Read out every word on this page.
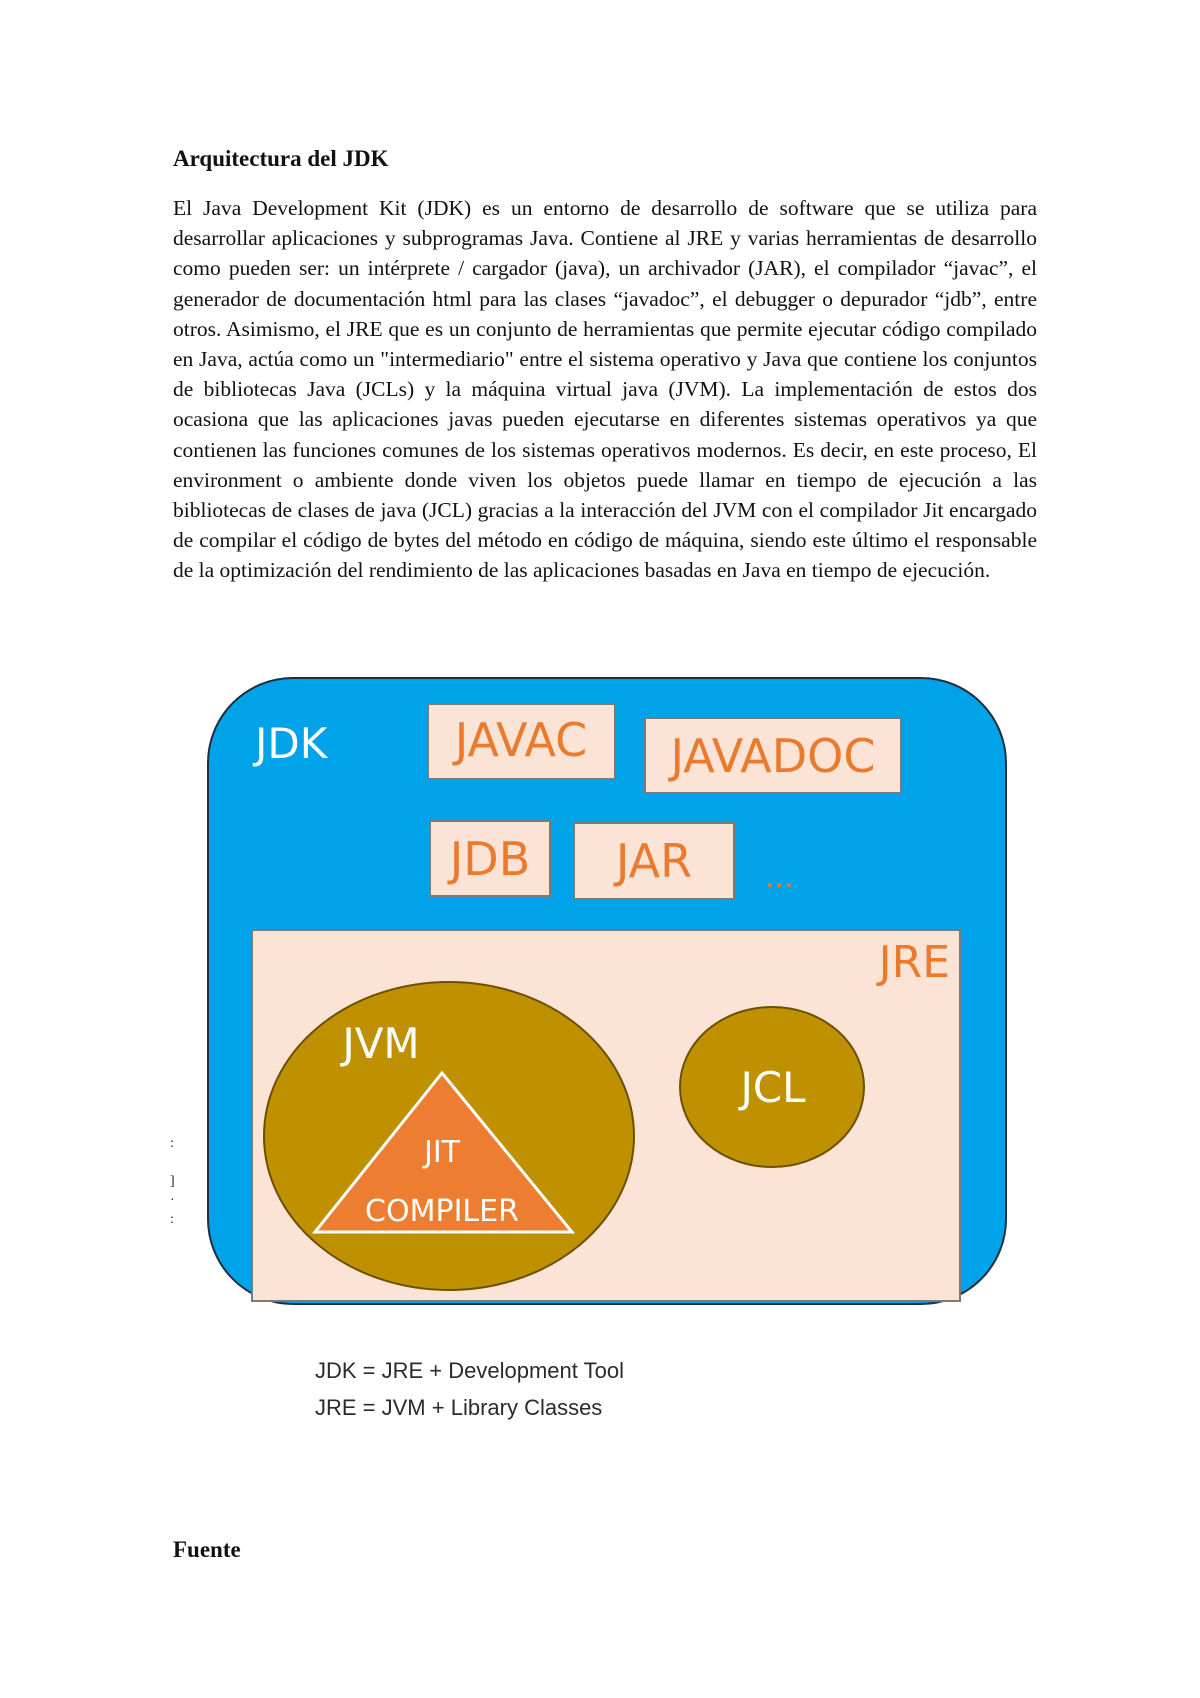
Arquitectura del JDK

El Java Development Kit (JDK) es un entorno de desarrollo de software que se utiliza para desarrollar aplicaciones y subprogramas Java. Contiene al JRE y varias herramientas de desarrollo como pueden ser: un intérprete / cargador (java), un archivador (JAR), el compilador “javac”, el generador de documentación html para las clases “javadoc”, el debugger o depurador “jdb”, entre otros. Asimismo, el JRE que es un conjunto de herramientas que permite ejecutar código compilado en Java, actúa como un "intermediario" entre el sistema operativo y Java que contiene los conjuntos de bibliotecas Java (JCLs) y la máquina virtual java (JVM). La implementación de estos dos ocasiona que las aplicaciones javas pueden ejecutarse en diferentes sistemas operativos ya que contienen las funciones comunes de los sistemas operativos modernos. Es decir, en este proceso, El environment o ambiente donde viven los objetos puede llamar en tiempo de ejecución a las bibliotecas de clases de java (JCL) gracias a la interacción del JVM con el compilador Jit encargado de compilar el código de bytes del método en código de máquina, siendo este último el responsable de la optimización del rendimiento de las aplicaciones basadas en Java en tiempo de ejecución.

:

]
·
:
JDK	JAVAC JAVADOC
JDB JAR ...
JRE
JVM
JIT
COMPILER
JCL
JDK = JRE + Development Tool
JRE = JVM + Library Classes
Fuente
